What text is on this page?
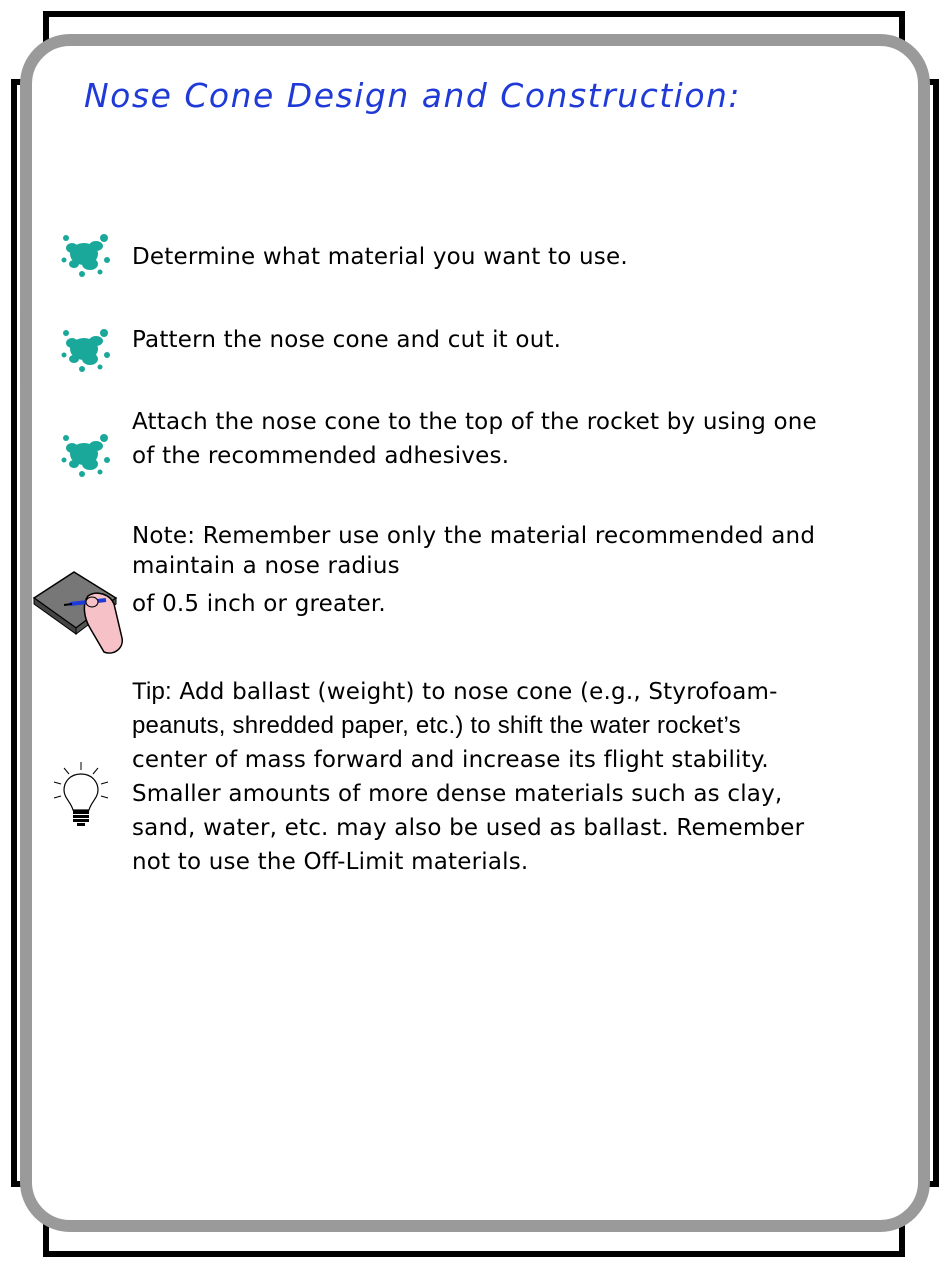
Nose Cone Design and Construction:

Determine what material you want to use.

Pattern the nose cone and cut it out.

Attach the nose cone to the top of the rocket by using one
of the recommended adhesives.

Note: Remember use only the material recommended and
maintain a nose radius
of 0.5 inch or greater.

Tip: Add ballast (weight) to nose cone (e.g., Styrofoam-
peanuts, shredded paper, etc.) to shift the water rocket’s
center of mass forward and increase its flight stability.
Smaller amounts of more dense materials such as clay,
sand, water, etc. may also be used as ballast. Remember
not to use the Off-Limit materials.
